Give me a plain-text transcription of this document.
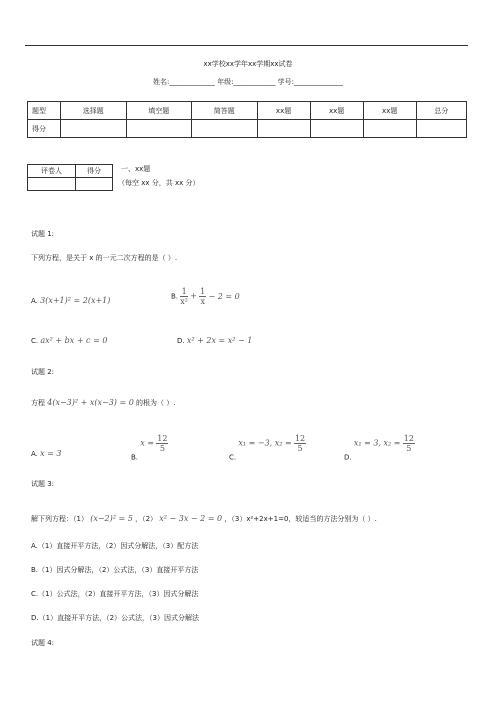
xx学校xx学年xx学期xx试卷
姓名:_____________ 年级:____________ 学号:______________
题型	选择题	填空题	简答题	xx题	xx题	xx题	总分
得分							
评卷人	得分
		一、xx题
（每空 xx 分，共 xx 分）
试题 1:
下列方程，是关于 x 的一元二次方程的是（ ）.
A. 3(x+1)² = 2(x+1)	B. $\frac{1}{\text{x²}} + \frac{1}{x} - 2 = 0$
C. ax² + bx + c = 0	D. x² + 2x = x² − 1
试题 2:
方程 4(x−3)² + x(x−3) = 0 的根为（ ）.
A. x = 3	B. $x = \frac{12}{5}$
C. x₁ = −3, $x_2 = \frac{12}{5}$
D. x₁ = 3, $x_2 = \frac{12}{5}$
试题 3:
解下列方程：（1） (x−2)² = 5 ，（2） x² − 3x − 2 = 0 ，（3）x²+2x+1=0，较适当的方法分别为（ ）.
A.（1）直接开平方法，（2）因式分解法，（3）配方法
B.（1）因式分解法，（2）公式法，（3）直接开平方法
C.（1）公式法，（2）直接开平方法，（3）因式分解法
D.（1）直接开平方法，（2）公式法，（3）因式分解法
试题 4:
